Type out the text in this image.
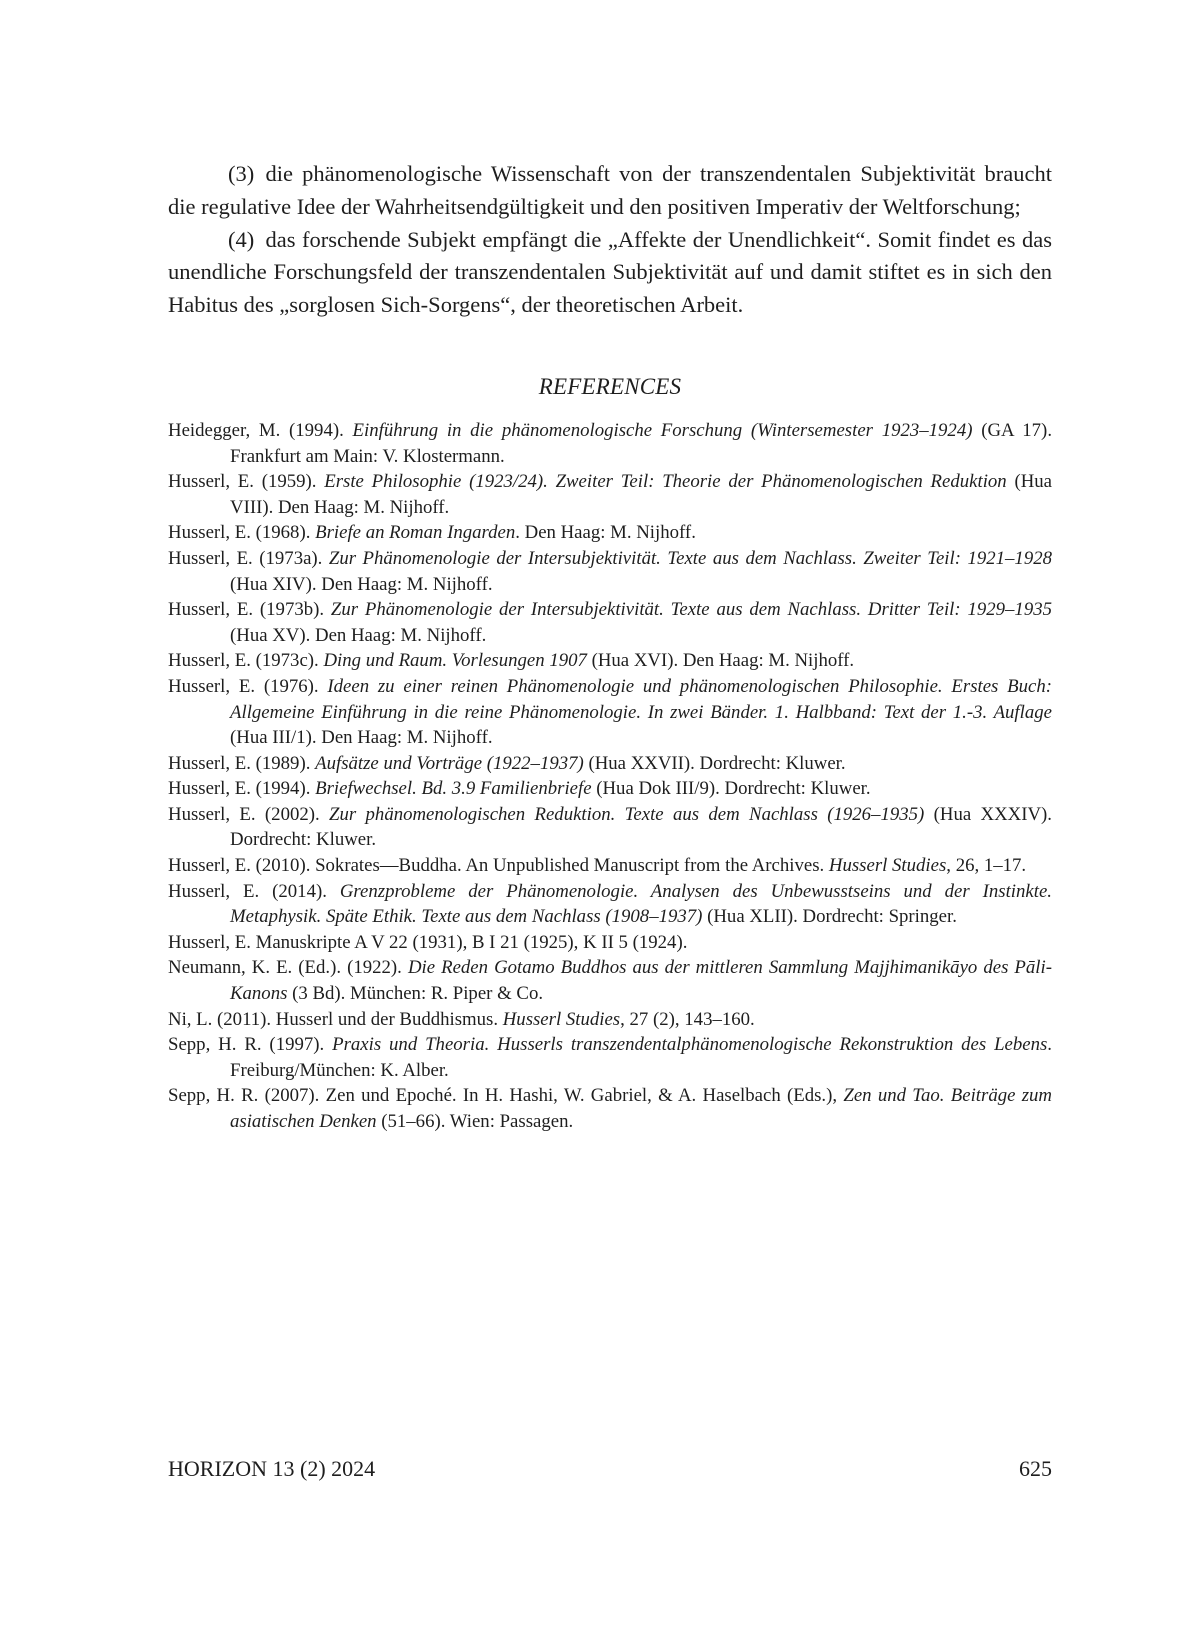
(3) die phänomenologische Wissenschaft von der transzendentalen Subjektivität braucht die regulative Idee der Wahrheitsendgültigkeit und den positiven Imperativ der Weltforschung;

(4) das forschende Subjekt empfängt die „Affekte der Unendlichkeit“. Somit findet es das unendliche Forschungsfeld der transzendentalen Subjektivität auf und damit stiftet es in sich den Habitus des „sorglosen Sich-Sorgens“, der theoretischen Arbeit.

REFERENCES
Heidegger, M. (1994). Einführung in die phänomenologische Forschung (Wintersemester 1923–1924) (GA 17). Frankfurt am Main: V. Klostermann.
Husserl, E. (1959). Erste Philosophie (1923/24). Zweiter Teil: Theorie der Phänomenologischen Reduktion (Hua VIII). Den Haag: M. Nijhoff.
Husserl, E. (1968). Briefe an Roman Ingarden. Den Haag: M. Nijhoff.
Husserl, E. (1973a). Zur Phänomenologie der Intersubjektivität. Texte aus dem Nachlass. Zweiter Teil: 1921–1928 (Hua XIV). Den Haag: M. Nijhoff.
Husserl, E. (1973b). Zur Phänomenologie der Intersubjektivität. Texte aus dem Nachlass. Dritter Teil: 1929–1935 (Hua XV). Den Haag: M. Nijhoff.
Husserl, E. (1973c). Ding und Raum. Vorlesungen 1907 (Hua XVI). Den Haag: M. Nijhoff.
Husserl, E. (1976). Ideen zu einer reinen Phänomenologie und phänomenologischen Philosophie. Erstes Buch: Allgemeine Einführung in die reine Phänomenologie. In zwei Bänder. 1. Halbband: Text der 1.-3. Auflage (Hua III/1). Den Haag: M. Nijhoff.
Husserl, E. (1989). Aufsätze und Vorträge (1922–1937) (Hua XXVII). Dordrecht: Kluwer.
Husserl, E. (1994). Briefwechsel. Bd. 3.9 Familienbriefe (Hua Dok III/9). Dordrecht: Kluwer.
Husserl, E. (2002). Zur phänomenologischen Reduktion. Texte aus dem Nachlass (1926–1935) (Hua XXXIV). Dordrecht: Kluwer.
Husserl, E. (2010). Sokrates—Buddha. An Unpublished Manuscript from the Archives. Husserl Studies, 26, 1–17.
Husserl, E. (2014). Grenzprobleme der Phänomenologie. Analysen des Unbewusstseins und der Instinkte. Metaphysik. Späte Ethik. Texte aus dem Nachlass (1908–1937) (Hua XLII). Dordrecht: Springer.
Husserl, E. Manuskripte A V 22 (1931), B I 21 (1925), K II 5 (1924).
Neumann, K. E. (Ed.). (1922). Die Reden Gotamo Buddhos aus der mittleren Sammlung Majjhimanikāyo des Pāli-Kanons (3 Bd). München: R. Piper & Co.
Ni, L. (2011). Husserl und der Buddhismus. Husserl Studies, 27 (2), 143–160.
Sepp, H. R. (1997). Praxis und Theoria. Husserls transzendentalphänomenologische Rekonstruktion des Lebens. Freiburg/München: K. Alber.
Sepp, H. R. (2007). Zen und Epoché. In H. Hashi, W. Gabriel, & A. Haselbach (Eds.), Zen und Tao. Beiträge zum asiatischen Denken (51–66). Wien: Passagen.
HORIZON 13 (2) 2024	625
